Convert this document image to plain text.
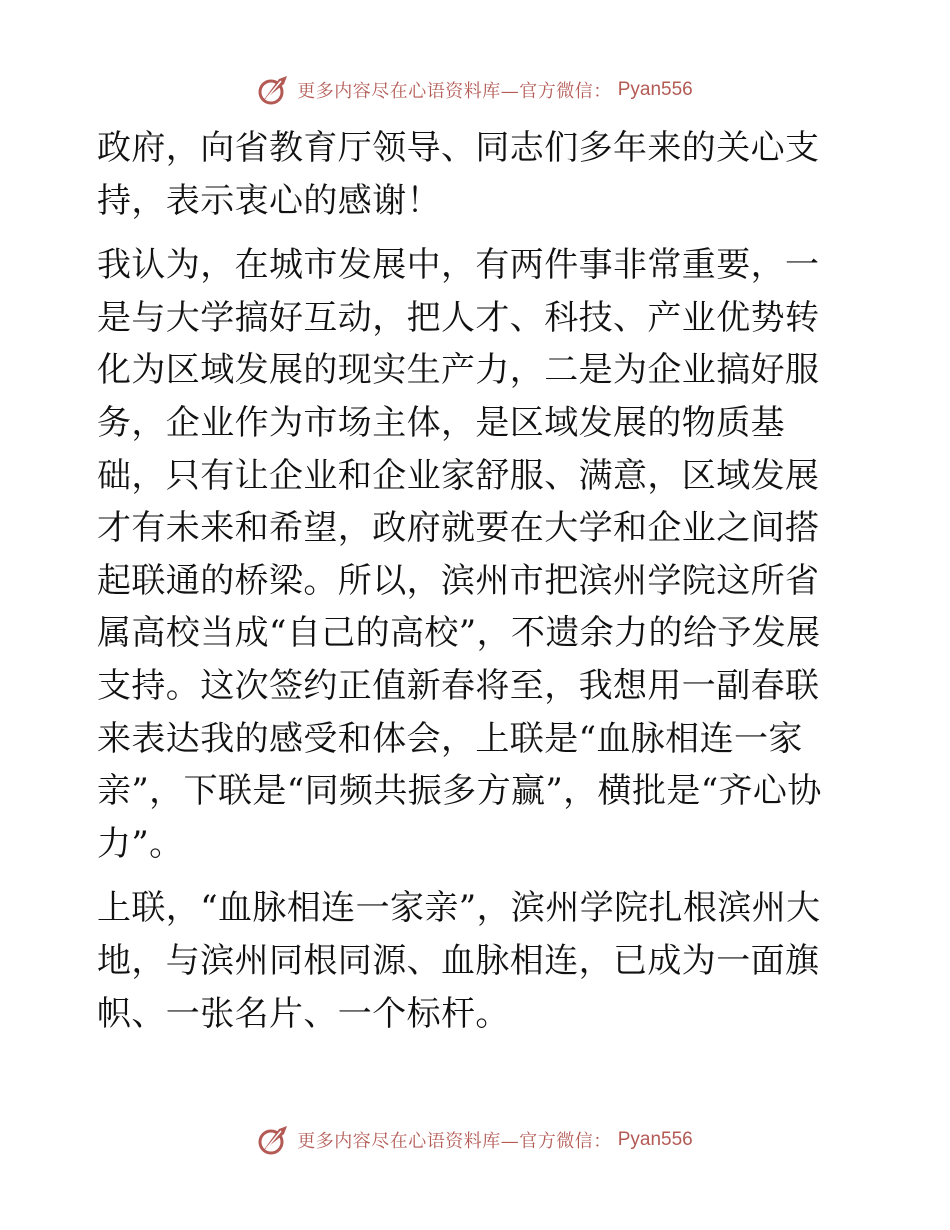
更多内容尽在心语资料库—官方微信： Pyan556

政府，向省教育厅领导、同志们多年来的关心支持，表示衷心的感谢！

我认为，在城市发展中，有两件事非常重要，一是与大学搞好互动，把人才、科技、产业优势转化为区域发展的现实生产力，二是为企业搞好服务，企业作为市场主体，是区域发展的物质基础，只有让企业和企业家舒服、满意，区域发展才有未来和希望，政府就要在大学和企业之间搭起联通的桥梁。所以，滨州市把滨州学院这所省属高校当成“自己的高校”，不遗余力的给予发展支持。这次签约正值新春将至，我想用一副春联来表达我的感受和体会，上联是“血脉相连一家亲”，下联是“同频共振多方赢”，横批是“齐心协力”。

上联，“血脉相连一家亲”，滨州学院扎根滨州大地，与滨州同根同源、血脉相连，已成为一面旗帜、一张名片、一个标杆。

更多内容尽在心语资料库—官方微信： Pyan556
